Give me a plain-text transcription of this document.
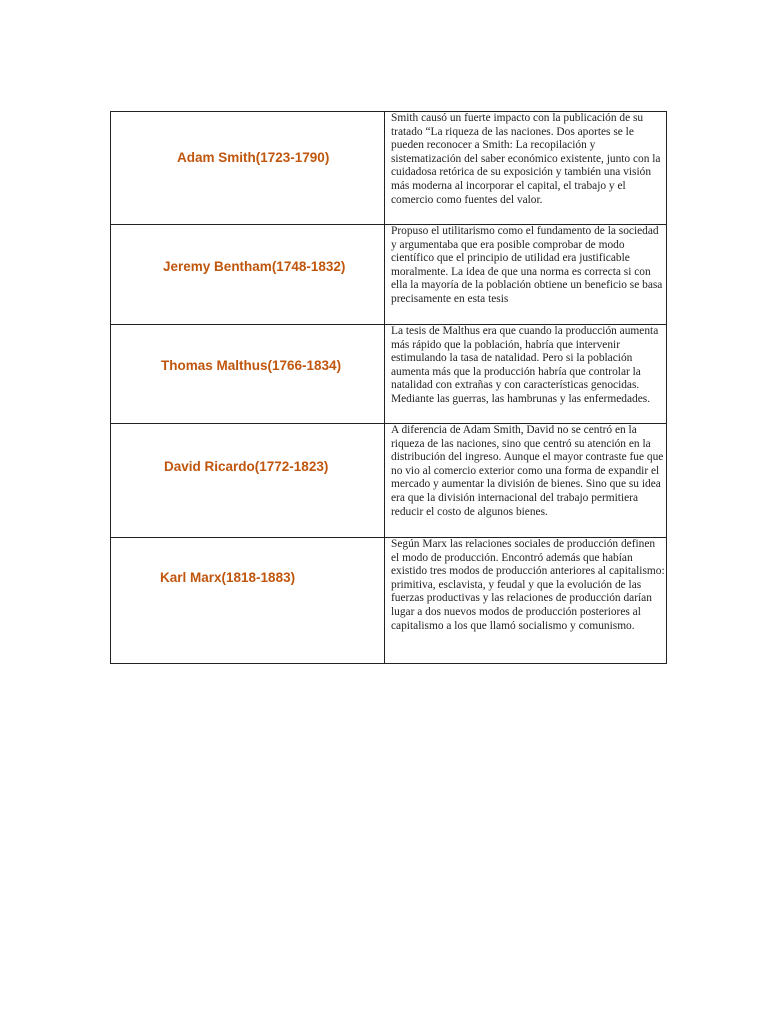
Adam Smith(1723-1790)	Smith causó un fuerte impacto con la publicación de su tratado “La riqueza de las naciones. Dos aportes se le pueden reconocer a Smith: La recopilación y sistematización del saber económico existente, junto con la cuidadosa retórica de su exposición y también una visión más moderna al incorporar el capital, el trabajo y el comercio como fuentes del valor.

Jeremy Bentham(1748-1832)	Propuso el utilitarismo como el fundamento de la sociedad y argumentaba que era posible comprobar de modo científico que el principio de utilidad era justificable moralmente. La idea de que una norma es correcta si con ella la mayoría de la población obtiene un beneficio se basa precisamente en esta tesis

Thomas Malthus(1766-1834)	La tesis de Malthus era que cuando la producción aumenta más rápido que la población, habría que intervenir estimulando la tasa de natalidad. Pero si la población aumenta más que la producción habría que controlar la natalidad con extrañas y con características genocidas. Mediante las guerras, las hambrunas y las enfermedades.

David Ricardo(1772-1823)	A diferencia de Adam Smith, David no se centró en la riqueza de las naciones, sino que centró su atención en la distribución del ingreso. Aunque el mayor contraste fue que no vio al comercio exterior como una forma de expandir el mercado y aumentar la división de bienes. Sino que su idea era que la división internacional del trabajo permitiera reducir el costo de algunos bienes.

Karl Marx(1818-1883)	Según Marx las relaciones sociales de producción definen el modo de producción. Encontró además que habían existido tres modos de producción anteriores al capitalismo: primitiva, esclavista, y feudal y que la evolución de las fuerzas productivas y las relaciones de producción darían lugar a dos nuevos modos de producción posteriores al capitalismo a los que llamó socialismo y comunismo.
